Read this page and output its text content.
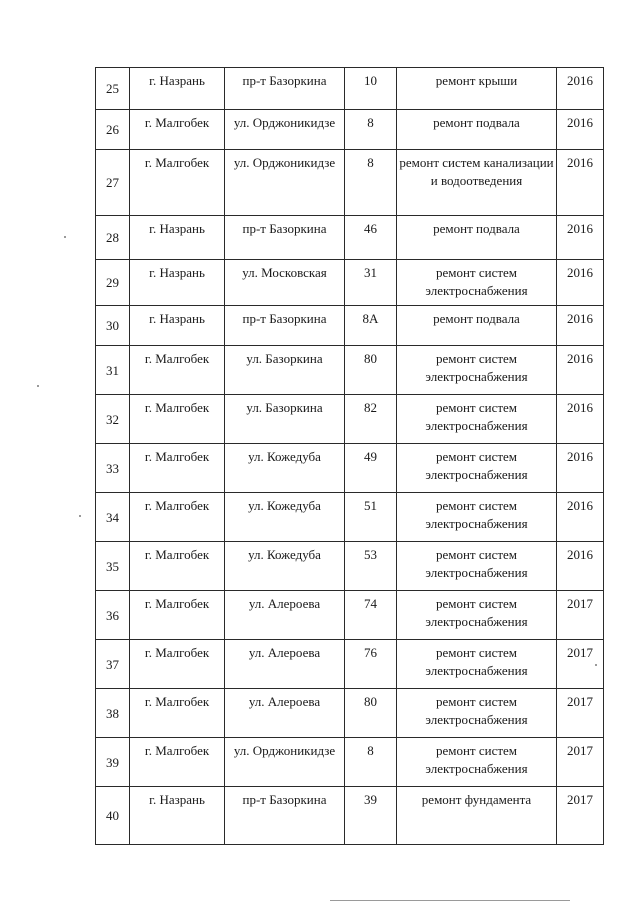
25	г. Назрань	пр-т Базоркина	10	ремонт крыши	2016
26	г. Малгобек	ул. Орджоникидзе	8	ремонт подвала	2016
27	г. Малгобек	ул. Орджоникидзе	8	ремонт систем канализации и водоотведения	2016
28	г. Назрань	пр-т Базоркина	46	ремонт подвала	2016
29	г. Назрань	ул. Московская	31	ремонт систем электроснабжения	2016
30	г. Назрань	пр-т Базоркина	8А	ремонт подвала	2016
31	г. Малгобек	ул. Базоркина	80	ремонт систем электроснабжения	2016
32	г. Малгобек	ул. Базоркина	82	ремонт систем электроснабжения	2016
33	г. Малгобек	ул. Кожедуба	49	ремонт систем электроснабжения	2016
34	г. Малгобек	ул. Кожедуба	51	ремонт систем электроснабжения	2016
35	г. Малгобек	ул. Кожедуба	53	ремонт систем электроснабжения	2016
36	г. Малгобек	ул. Алероева	74	ремонт систем электроснабжения	2017
37	г. Малгобек	ул. Алероева	76	ремонт систем электроснабжения	2017
38	г. Малгобек	ул. Алероева	80	ремонт систем электроснабжения	2017
39	г. Малгобек	ул. Орджоникидзе	8	ремонт систем электроснабжения	2017
40	г. Назрань	пр-т Базоркина	39	ремонт фундамента	2017
